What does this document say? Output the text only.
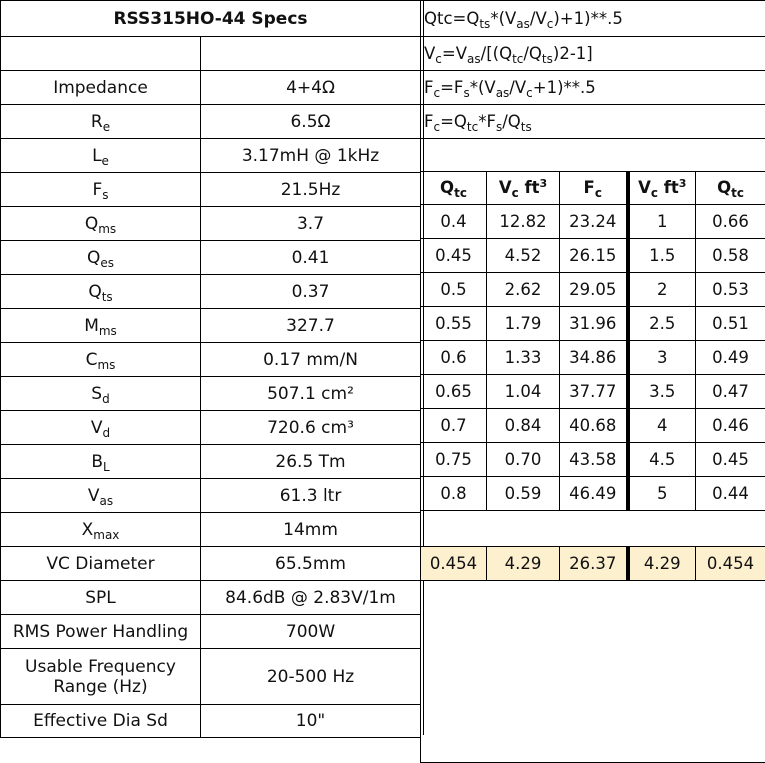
RSS315HO-44 Specs	

Impedance	4+4Ω
$R_e$	6.5Ω
$L_e$	3.17mH @ 1kHz
$F_s$	21.5Hz
$Q_{ms}$	3.7
$Q_{es}$	0.41
$Q_{ts}$	0.37
$M_{ms}$	327.7
$C_{ms}$	0.17 mm/N
$S_d$	507.1 cm²
$V_d$	720.6 cm³
$B_L$	26.5 Tm
$V_{as}$	61.3 ltr
$X_{max}$	14mm
VC Diameter	65.5mm
SPL	84.6dB @ 2.83V/1m
RMS Power Handling	700W
Usable Frequency
Range (Hz)	20-500 Hz
Effective Dia Sd	10"
$Qtc=Q_{ts}*(V_{as}/V_c)+1)**.5$				
$V_c=V_{as}/[(Q_{tc}/Q_{ts})2-1]$				
$F_c=F_s*(V_{as}/V_c+1)**.5$				
$F_c=Q_{tc}*F_s/Q_{ts}$

$Q_{tc}$	$V_c$ $ft^3$	$F_c$	$V_c$ $ft^3$	$Q_{tc}$
0.4	12.82	23.24	1	0.66
0.45	4.52	26.15	1.5	0.58
0.5	2.62	29.05	2	0.53
0.55	1.79	31.96	2.5	0.51
0.6	1.33	34.86	3	0.49
0.65	1.04	37.77	3.5	0.47
0.7	0.84	40.68	4	0.46
0.75	0.70	43.58	4.5	0.45
0.8	0.59	46.49	5	0.44

0.454	4.29	26.37	4.29	0.454
